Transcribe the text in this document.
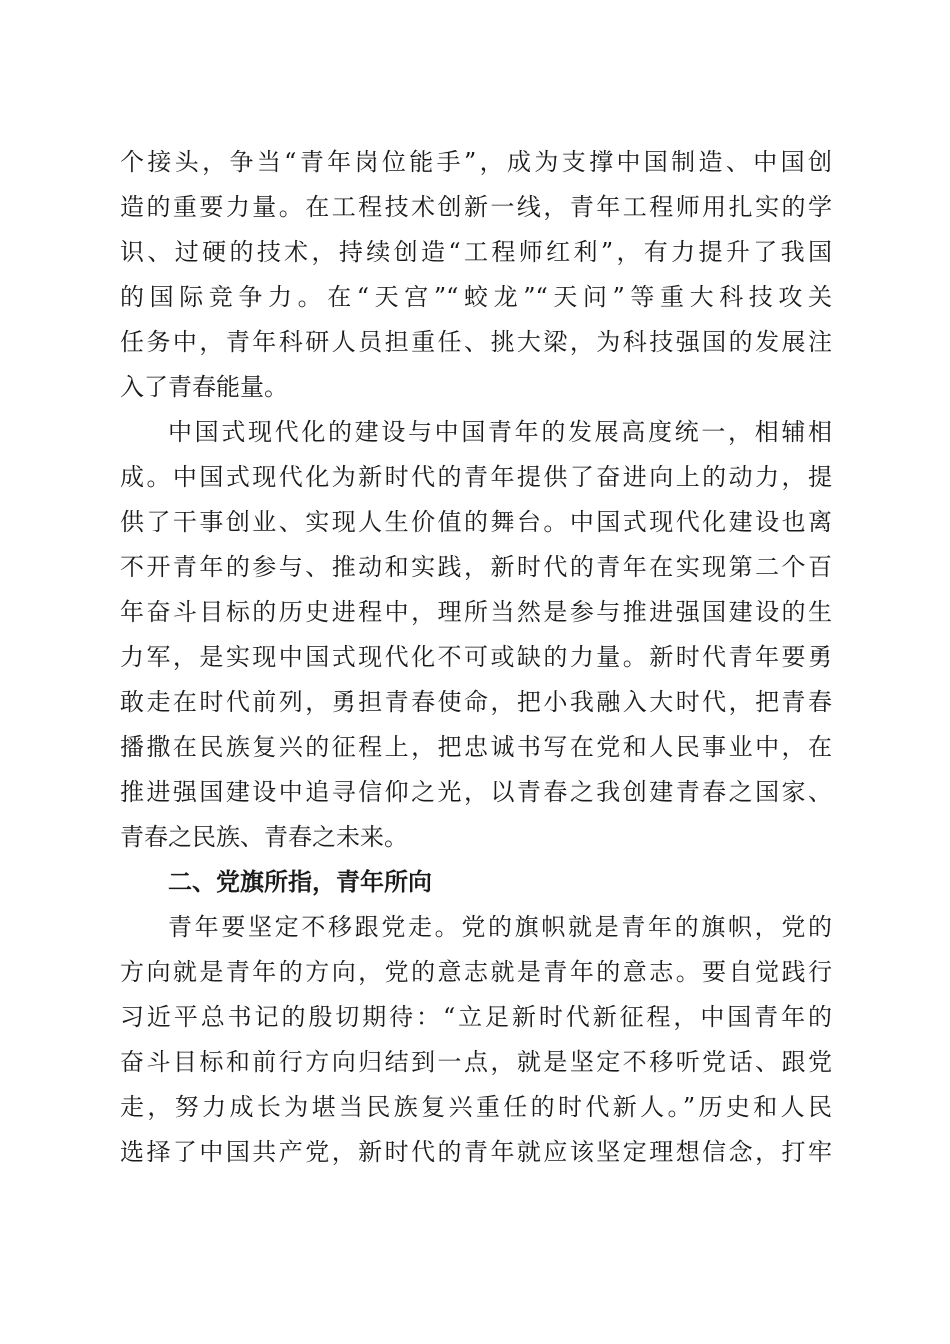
个接头，争当“青年岗位能手”，成为支撑中国制造、中国创
造的重要力量。在工程技术创新一线，青年工程师用扎实的学
识、过硬的技术，持续创造“工程师红利”，有力提升了我国
的国际竞争力。在“天宫”“蛟龙”“天问”等重大科技攻关
任务中，青年科研人员担重任、挑大梁，为科技强国的发展注
入了青春能量。
中国式现代化的建设与中国青年的发展高度统一，相辅相
成。中国式现代化为新时代的青年提供了奋进向上的动力，提
供了干事创业、实现人生价值的舞台。中国式现代化建设也离
不开青年的参与、推动和实践，新时代的青年在实现第二个百
年奋斗目标的历史进程中，理所当然是参与推进强国建设的生
力军，是实现中国式现代化不可或缺的力量。新时代青年要勇
敢走在时代前列，勇担青春使命，把小我融入大时代，把青春
播撒在民族复兴的征程上，把忠诚书写在党和人民事业中，在
推进强国建设中追寻信仰之光，以青春之我创建青春之国家、
青春之民族、青春之未来。
二、党旗所指，青年所向
青年要坚定不移跟党走。党的旗帜就是青年的旗帜，党的
方向就是青年的方向，党的意志就是青年的意志。要自觉践行
习近平总书记的殷切期待：“立足新时代新征程，中国青年的
奋斗目标和前行方向归结到一点，就是坚定不移听党话、跟党
走，努力成长为堪当民族复兴重任的时代新人。”历史和人民
选择了中国共产党，新时代的青年就应该坚定理想信念，打牢
